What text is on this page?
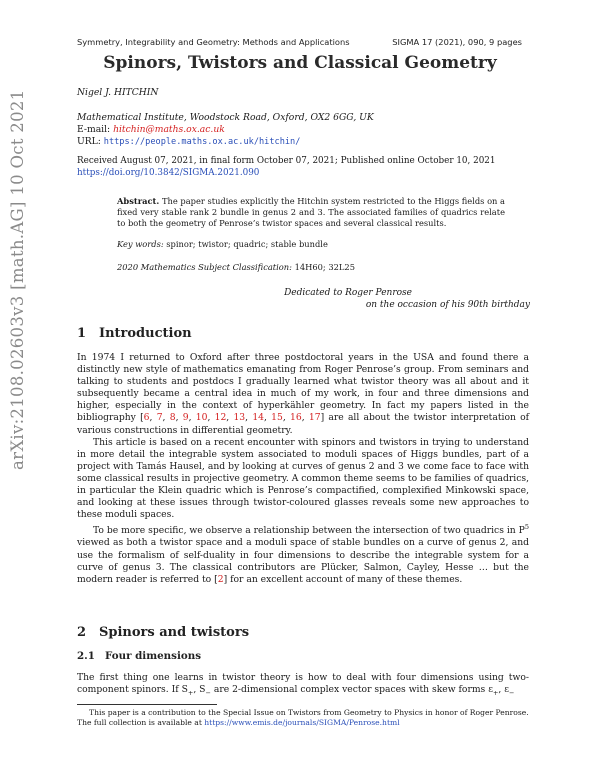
Symmetry, Integrability and Geometry: Methods and Applications	SIGMA 17 (2021), 090, 9 pages
arXiv:2108.02603v3 [math.AG] 10 Oct 2021
Spinors, Twistors and Classical Geometry
Nigel J. HITCHIN
Mathematical Institute, Woodstock Road, Oxford, OX2 6GG, UK
E-mail: hitchin@maths.ox.ac.uk
URL: https://people.maths.ox.ac.uk/hitchin/
Received August 07, 2021, in final form October 07, 2021; Published online October 10, 2021
https://doi.org/10.3842/SIGMA.2021.090
Abstract. The paper studies explicitly the Hitchin system restricted to the Higgs fields on a fixed very stable rank 2 bundle in genus 2 and 3. The associated families of quadrics relate to both the geometry of Penrose’s twistor spaces and several classical results.
Key words: spinor; twistor; quadric; stable bundle
2020 Mathematics Subject Classification: 14H60; 32L25
Dedicated to Roger Penrose
on the occasion of his 90th birthday
1 Introduction

In 1974 I returned to Oxford after three postdoctoral years in the USA and found there a distinctly new style of mathematics emanating from Roger Penrose’s group. From seminars and talking to students and postdocs I gradually learned what twistor theory was all about and it subsequently became a central idea in much of my work, in four and three dimensions and higher, especially in the context of hyperkähler geometry. In fact my papers listed in the bibliography [6, 7, 8, 9, 10, 12, 13, 14, 15, 16, 17] are all about the twistor interpretation of various constructions in differential geometry.

This article is based on a recent encounter with spinors and twistors in trying to understand in more detail the integrable system associated to moduli spaces of Higgs bundles, part of a project with Tamás Hausel, and by looking at curves of genus 2 and 3 we come face to face with some classical results in projective geometry. A common theme seems to be families of quadrics, in particular the Klein quadric which is Penrose’s compactified, complexified Minkowski space, and looking at these issues through twistor-coloured glasses reveals some new approaches to these moduli spaces.

To be more specific, we observe a relationship between the intersection of two quadrics in $P^5$ viewed as both a twistor space and a moduli space of stable bundles on a curve of genus 2, and use the formalism of self-duality in four dimensions to describe the integrable system for a curve of genus 3. The classical contributors are Plücker, Salmon, Cayley, Hesse … but the modern reader is referred to [2] for an excellent account of many of these themes.

2 Spinors and twistors
2.1 Four dimensions

The first thing one learns in twistor theory is how to deal with four dimensions using two-component spinors. If $S_+$, $S_-$ are 2-dimensional complex vector spaces with skew forms $\varepsilon_+$, $\varepsilon_-$

This paper is a contribution to the Special Issue on Twistors from Geometry to Physics in honor of Roger Penrose. The full collection is available at https://www.emis.de/journals/SIGMA/Penrose.html
